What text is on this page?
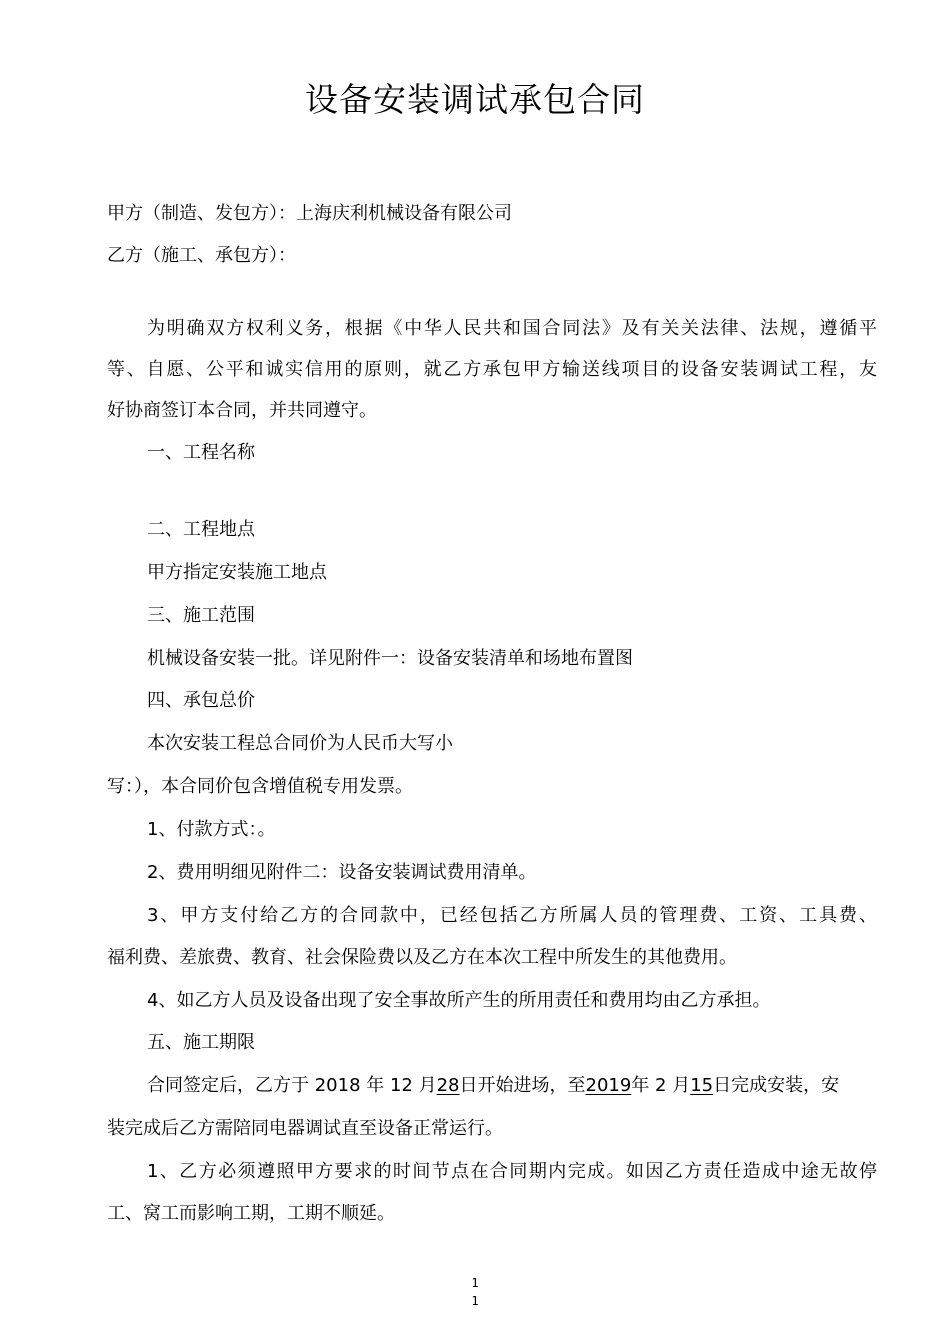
设备安装调试承包合同
甲方（制造、发包方）：上海庆利机械设备有限公司
乙方（施工、承包方）：
为明确双方权利义务，根据《中华人民共和国合同法》及有关关法律、法规，遵循平
等、自愿、公平和诚实信用的原则，就乙方承包甲方输送线项目的设备安装调试工程，友
好协商签订本合同，并共同遵守。
一、工程名称
二、工程地点
甲方指定安装施工地点
三、施工范围
机械设备安装一批。详见附件一：设备安装清单和场地布置图
四、承包总价
本次安装工程总合同价为人民币大写小
写：），本合同价包含增值税专用发票。
1、付款方式：。
2、费用明细见附件二：设备安装调试费用清单。
3、甲方支付给乙方的合同款中，已经包括乙方所属人员的管理费、工资、工具费、
福利费、差旅费、教育、社会保险费以及乙方在本次工程中所发生的其他费用。
4、如乙方人员及设备出现了安全事故所产生的所用责任和费用均由乙方承担。
五、施工期限
合同签定后，乙方于 2018 年 12 月28日开始进场，至2019年 2 月15日完成安装，安
装完成后乙方需陪同电器调试直至设备正常运行。
1、乙方必须遵照甲方要求的时间节点在合同期内完成。如因乙方责任造成中途无故停
工、窝工而影响工期，工期不顺延。
1
1
